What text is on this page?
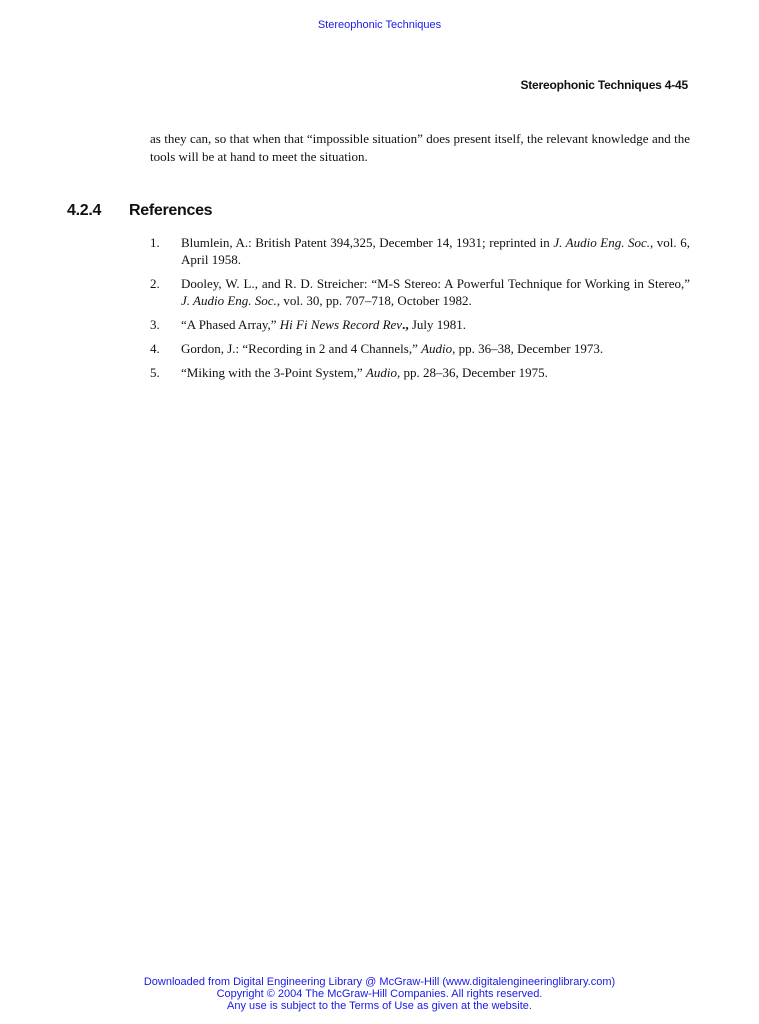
Stereophonic Techniques
Stereophonic Techniques 4-45

as they can, so that when that “impossible situation” does present itself, the relevant knowledge and the tools will be at hand to meet the situation.

4.2.4 References
1. Blumlein, A.: British Patent 394,325, December 14, 1931; reprinted in J. Audio Eng. Soc., vol. 6, April 1958.
2. Dooley, W. L., and R. D. Streicher: “M-S Stereo: A Powerful Technique for Working in Stereo,” J. Audio Eng. Soc., vol. 30, pp. 707–718, October 1982.
3. “A Phased Array,” Hi Fi News Record Rev., July 1981.
4. Gordon, J.: “Recording in 2 and 4 Channels,” Audio, pp. 36–38, December 1973.
5. “Miking with the 3-Point System,” Audio, pp. 28–36, December 1975.
Downloaded from Digital Engineering Library @ McGraw-Hill (www.digitalengineeringlibrary.com)
Copyright © 2004 The McGraw-Hill Companies. All rights reserved.
Any use is subject to the Terms of Use as given at the website.
